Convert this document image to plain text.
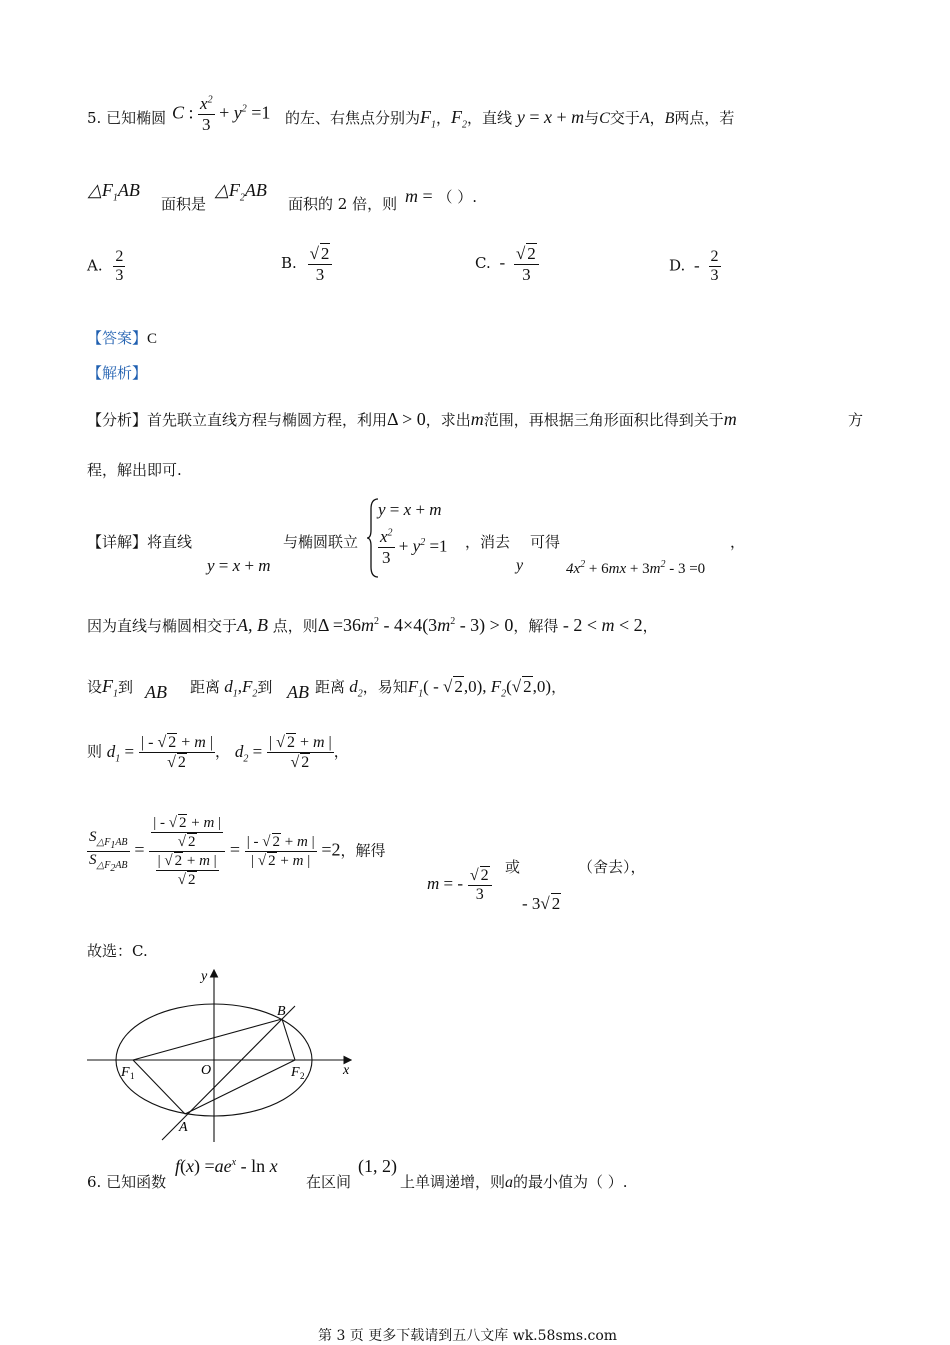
5. 已知椭圆 C : $\frac{x^2}{3} + y^2 =1$ 的左、右焦点分别为$F_1$，$F_2$，直线 y = x + m与C交于A，B两点，若
$\triangle F_1AB$
面积是
$\triangle F_2AB$
面积的 2 倍，则 m = （ ）.
A. $\frac{2}{3}$	B. $\frac{√ 2}{3}$	C. - $\frac{√ 2}{3}$	D. - $\frac{2}{3}$
【答案】C
【解析】
【分析】首先联立直线方程与椭圆方程，利用Δ > 0，求出m范围，再根据三角形面积比得到关于m	方
程，解出即可.
【详解】将直线
y = x + m
与椭圆联立
y = x + m
$\frac{x^2}{3} + y^2 =1$ ，消去 可得
y	$4x^2 + 6mx + 3m^2 - 3 =0$
，
因为直线与椭圆相交于A, B 点，则$\Delta =36m^2 - 4\times 4(3m^2 - 3) > 0$，解得 - 2 < m < 2，
设$F_1$到 AB 距离 $d_1,F_2$到 AB 距离 $d_2$，易知$F_1$( - √ 2,0), $F_2(√$ 2,0)，
则 $d_1 = \frac{| - √ 2 + m |}{√ 2}$ ， $d_2 = \frac{| √ 2 + m |}{√ 2}$ ，
$\frac{S_{\triangle F_1AB}}{S_{\triangle F_2AB}} = \frac{\frac{| - √ 2 + m |}{√ 2}}{\frac{| √ 2 + m |}{√ 2}} = \frac{| - √ 2 + m |}{| √ 2 + m |} =2$，解得
m = - $\frac{√ 2}{3}$ 或
- 3√ 2
（舍去），
故选：C.
y
x
O
A
B
F 1	F 2
6. 已知函数
$f(x) =ae^x - \ln x$
在区间
(1, 2)
上单调递增，则a的最小值为（ ）.
第 3 页 更多下载请到五八文库 wk.58sms.com
